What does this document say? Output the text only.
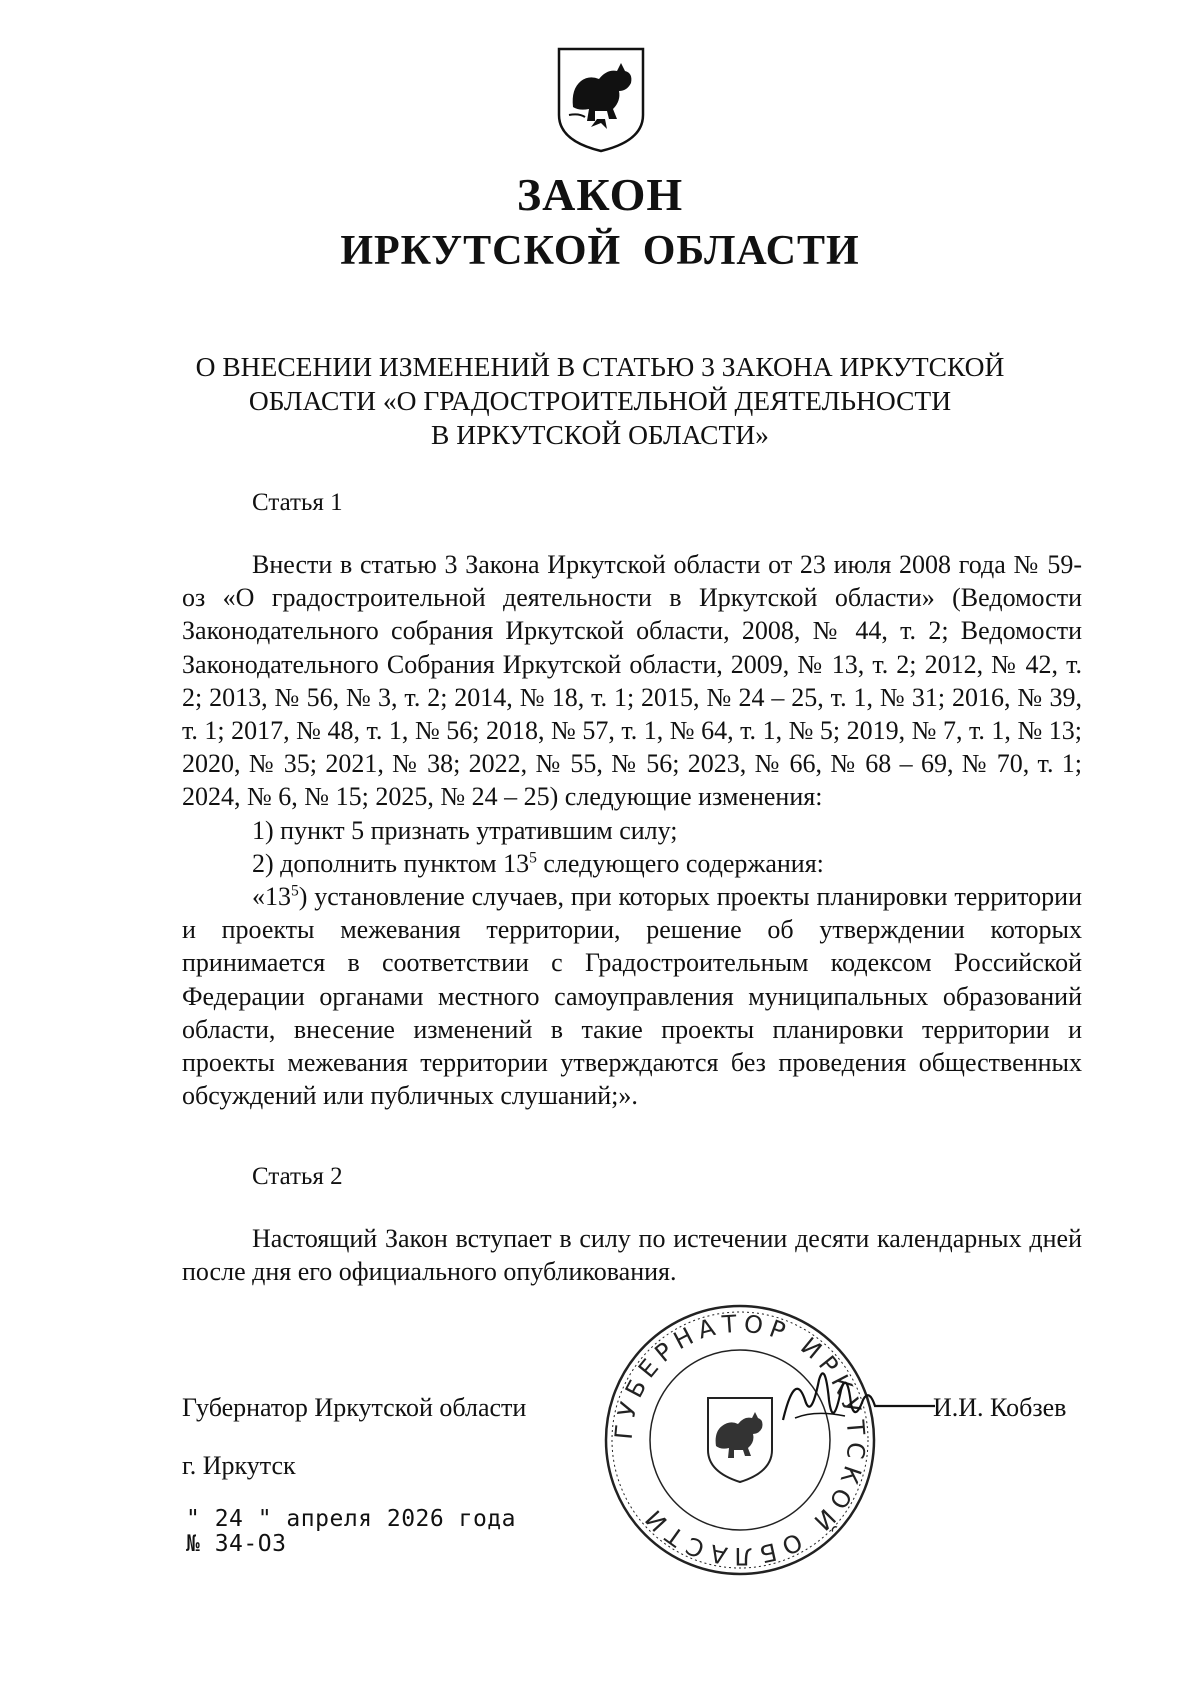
ЗАКОН
ИРКУТСКОЙ ОБЛАСТИ
О ВНЕСЕНИИ ИЗМЕНЕНИЙ В СТАТЬЮ 3 ЗАКОНА ИРКУТСКОЙ
ОБЛАСТИ «О ГРАДОСТРОИТЕЛЬНОЙ ДЕЯТЕЛЬНОСТИ
В ИРКУТСКОЙ ОБЛАСТИ»
Статья 1

Внести в статью 3 Закона Иркутской области от 23 июля 2008 года № 59-оз «О градостроительной деятельности в Иркутской области» (Ведомости Законодательного собрания Иркутской области, 2008, № 44, т. 2; Ведомости Законодательного Собрания Иркутской области, 2009, № 13, т. 2; 2012, № 42, т. 2; 2013, № 56, № 3, т. 2; 2014, № 18, т. 1; 2015, № 24 – 25, т. 1, № 31; 2016, № 39, т. 1; 2017, № 48, т. 1, № 56; 2018, № 57, т. 1, № 64, т. 1, № 5; 2019, № 7, т. 1, № 13; 2020, № 35; 2021, № 38; 2022, № 55, № 56; 2023, № 66, № 68 – 69, № 70, т. 1; 2024, № 6, № 15; 2025, № 24 – 25) следующие изменения:

1) пункт 5 признать утратившим силу;

2) дополнить пунктом $13^5$ следующего содержания:

«$13^5$) установление случаев, при которых проекты планировки территории и проекты межевания территории, решение об утверждении которых принимается в соответствии с Градостроительным кодексом Российской Федерации органами местного самоуправления муниципальных образований области, внесение изменений в такие проекты планировки территории и проекты межевания территории утверждаются без проведения общественных обсуждений или публичных слушаний;».

Статья 2

Настоящий Закон вступает в силу по истечении десяти календарных дней после дня его официального опубликования.

ГУБЕРНАТОР ИРКУТСКОЙ ОБЛАСТИ
Губернатор Иркутской области	И.И. Кобзев
г. Иркутск
" 24 " апреля 2026 года
№ 34-ОЗ
